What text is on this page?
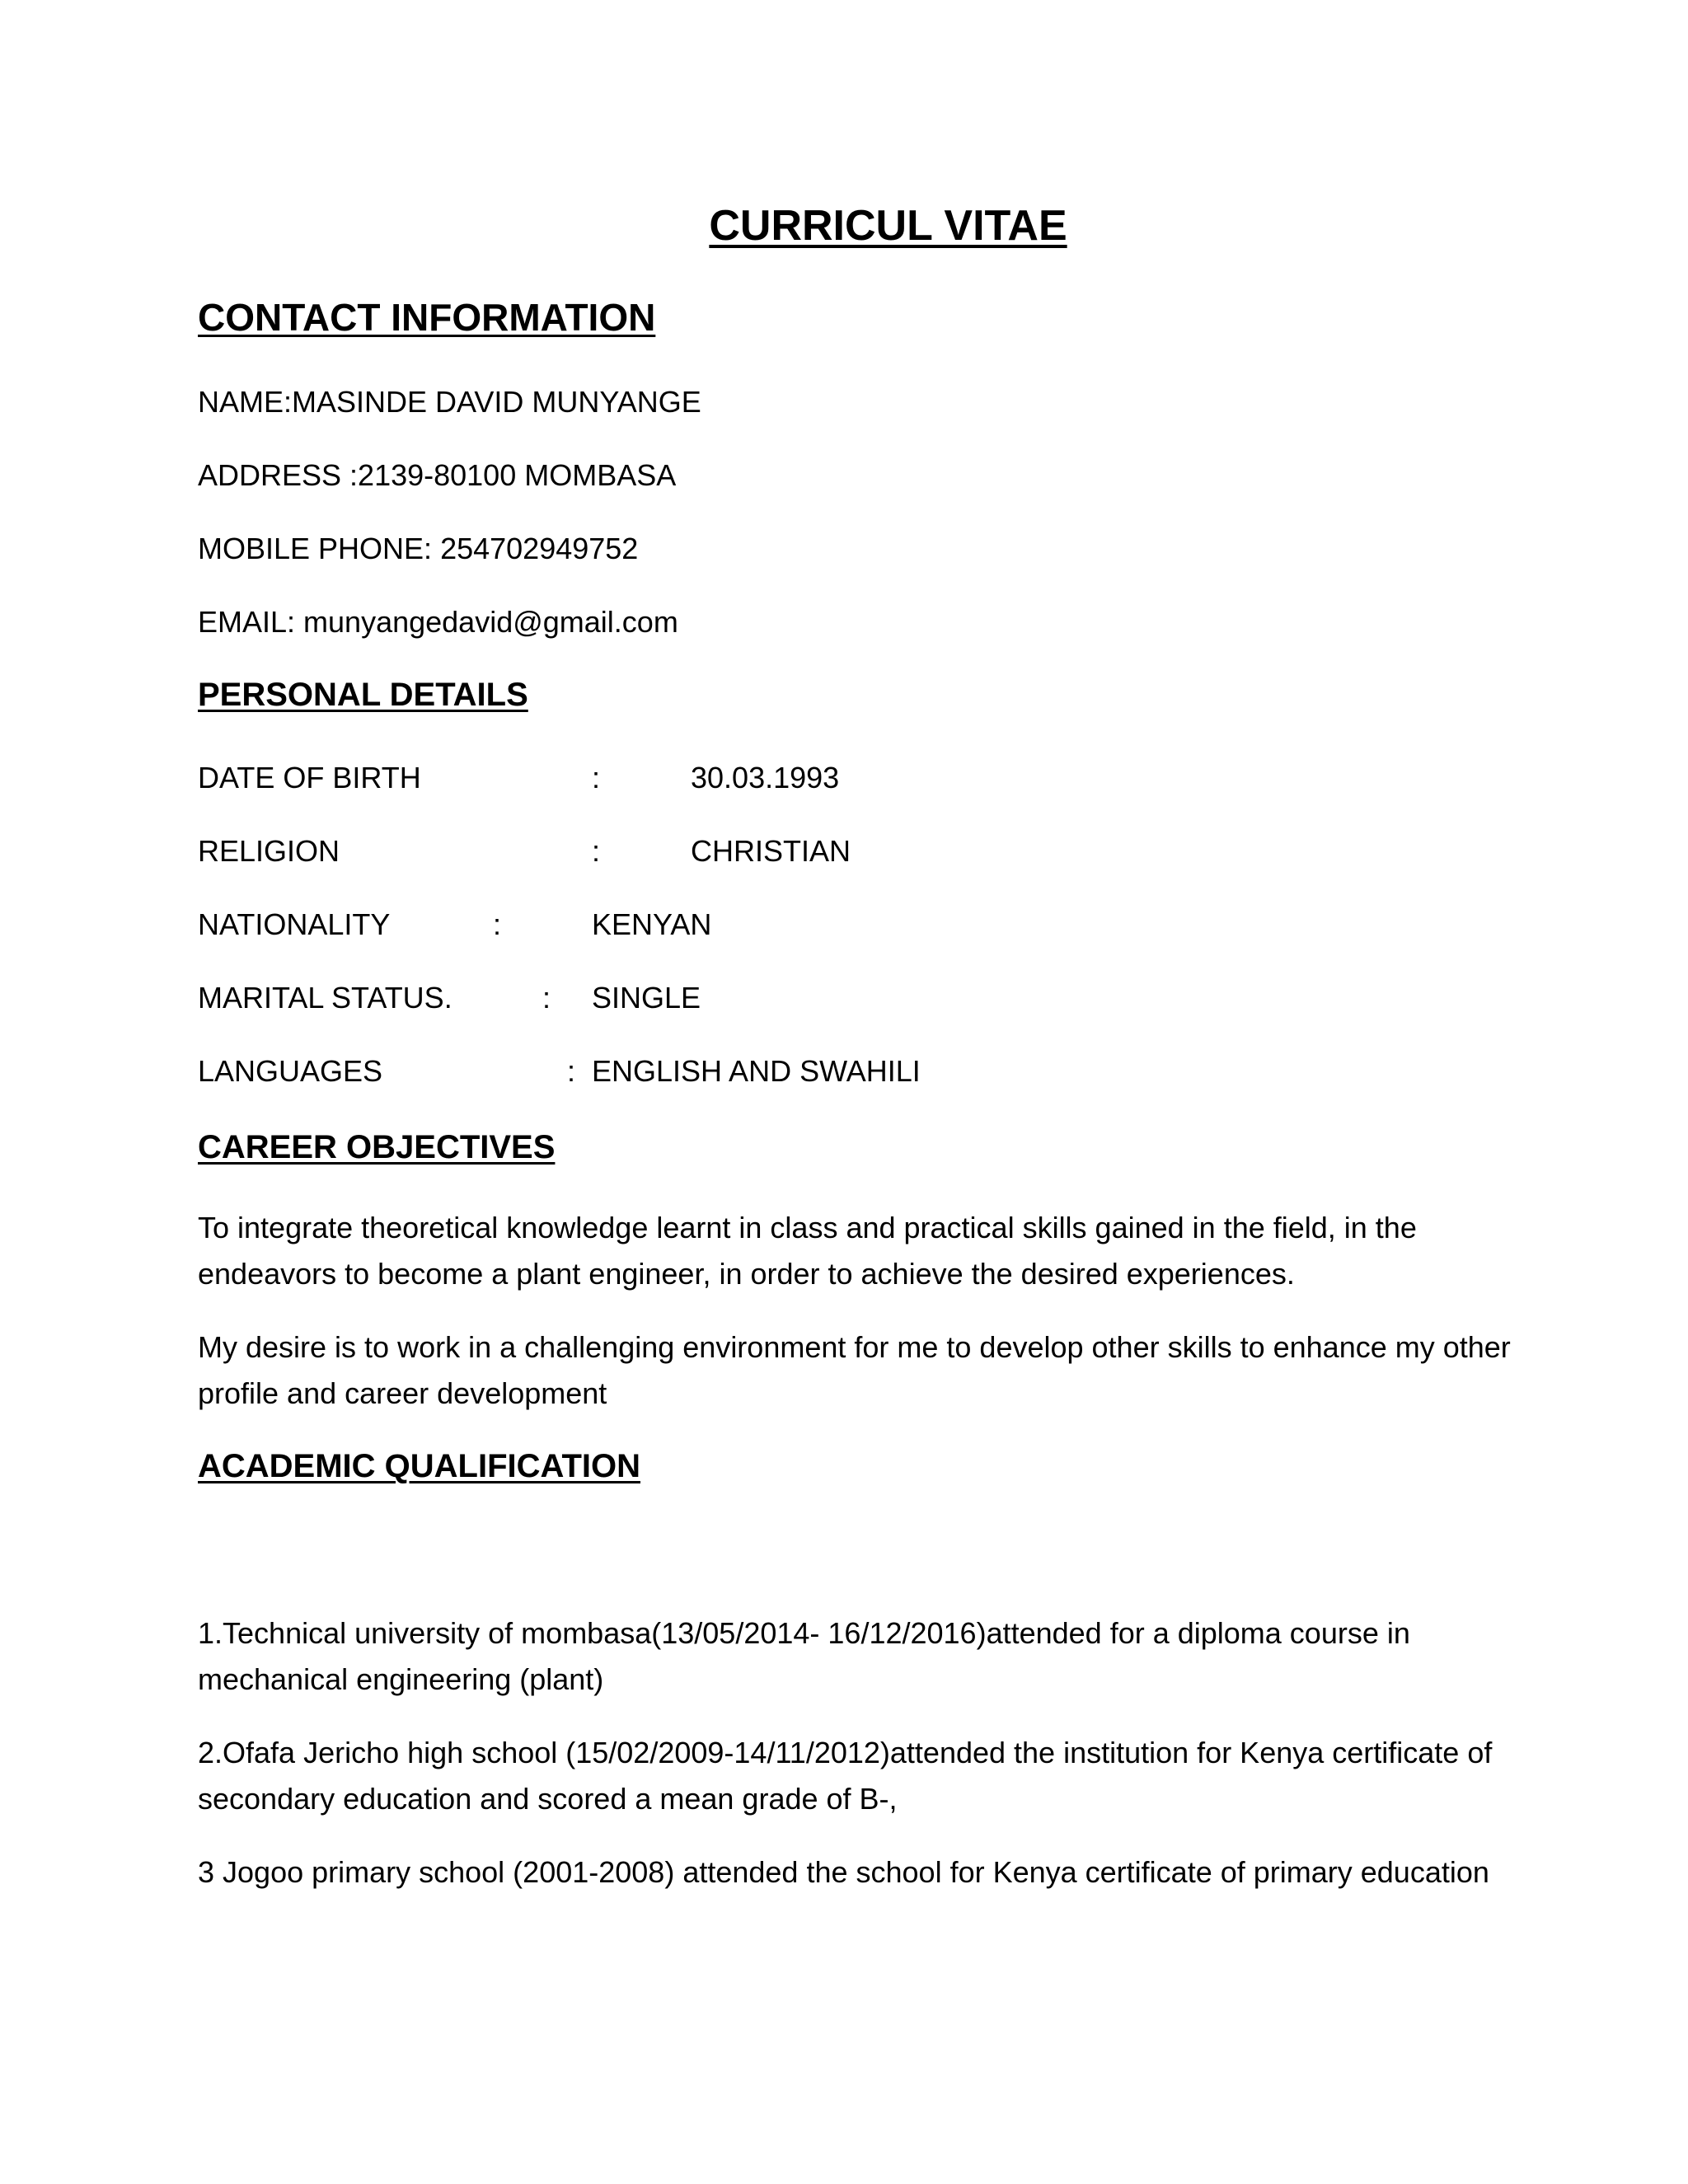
CURRICUL VITAE
CONTACT INFORMATION
NAME:MASINDE DAVID MUNYANGE
ADDRESS :2139-80100 MOMBASA
MOBILE PHONE: 254702949752
EMAIL: munyangedavid@gmail.com
PERSONAL DETAILS
DATE OF BIRTH	:	30.03.1993
RELIGION	:	CHRISTIAN
NATIONALITY	:	KENYAN
MARITAL STATUS.	: SINGLE
LANGUAGES	: ENGLISH AND SWAHILI
CAREER OBJECTIVES
To integrate theoretical knowledge learnt in class and practical skills gained in the field, in the endeavors to become a plant engineer, in order to achieve the desired experiences.
My desire is to work in a challenging environment for me to develop other skills to enhance my other profile and career development
ACADEMIC QUALIFICATION
1.Technical university of mombasa(13/05/2014- 16/12/2016)attended for a diploma course in mechanical engineering (plant)
2.Ofafa Jericho high school (15/02/2009-14/11/2012)attended the institution for Kenya certificate of secondary education and scored a mean grade of B-,
3 Jogoo primary school (2001-2008) attended the school for Kenya certificate of primary education
